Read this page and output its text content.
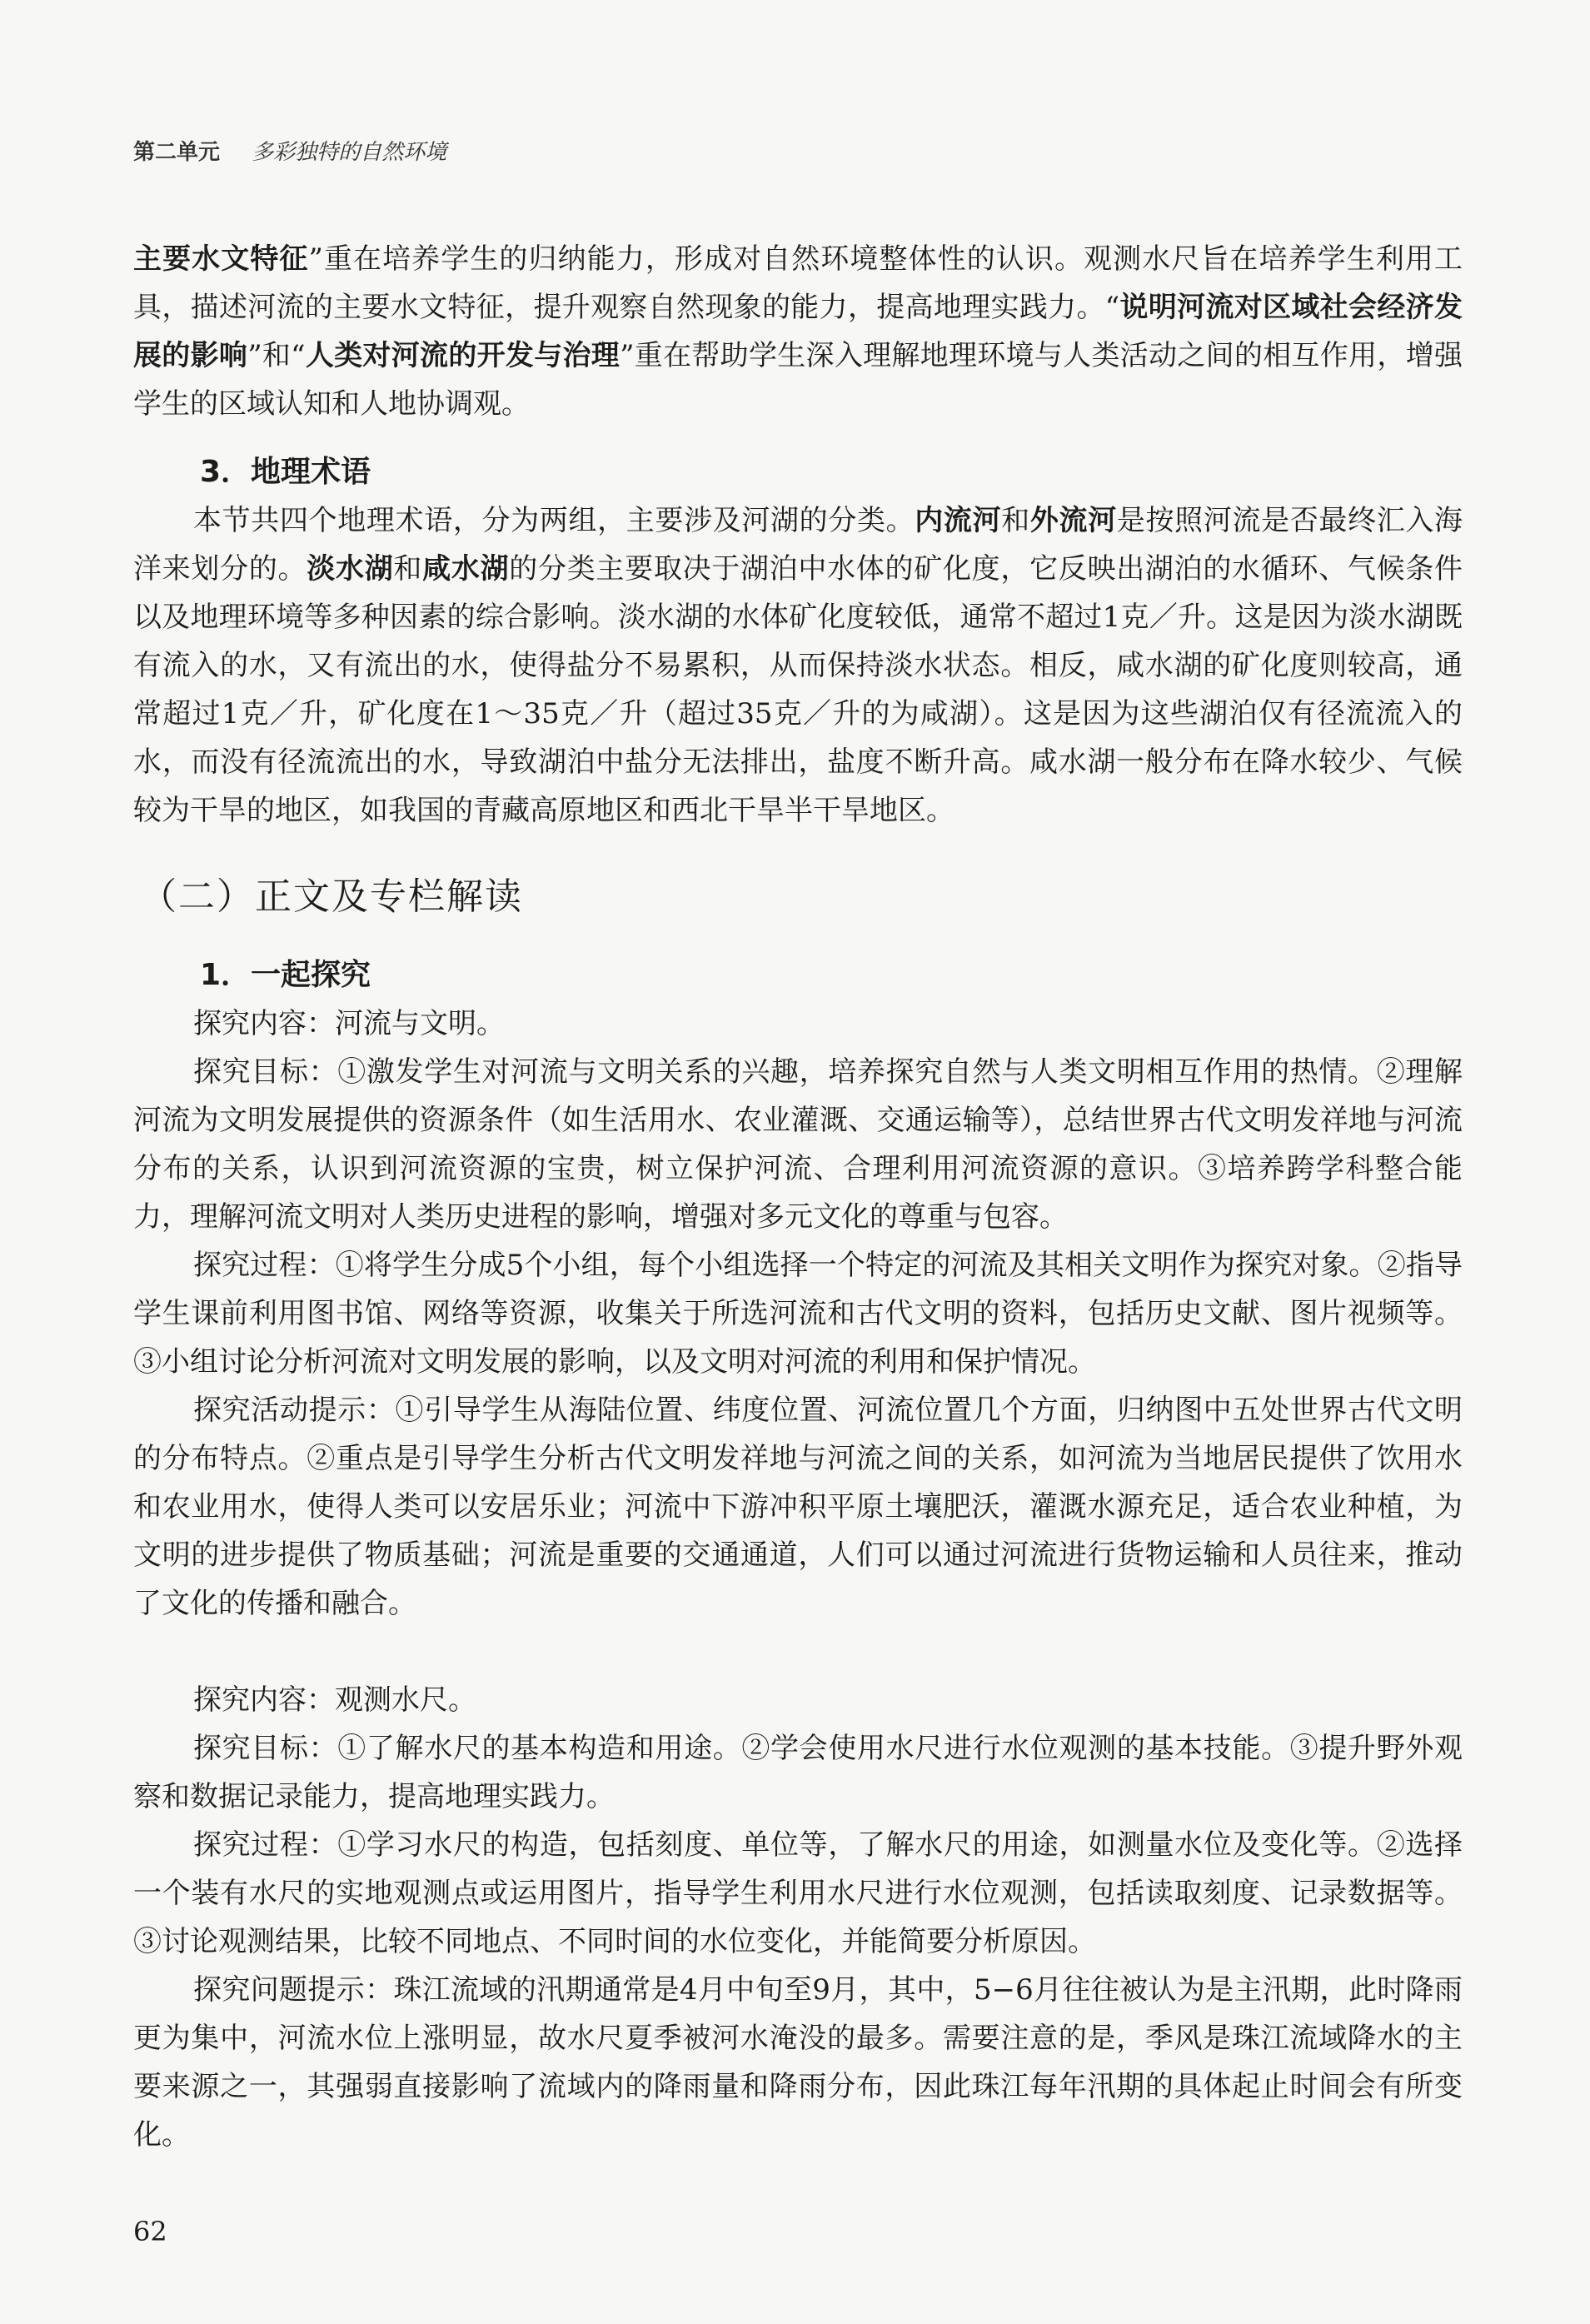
第二单元 多彩独特的自然环境

主要水文特征”重在培养学生的归纳能力，形成对自然环境整体性的认识。观测水尺旨在培养学生利用工具，描述河流的主要水文特征，提升观察自然现象的能力，提高地理实践力。“说明河流对区域社会经济发展的影响”和“人类对河流的开发与治理”重在帮助学生深入理解地理环境与人类活动之间的相互作用，增强学生的区域认知和人地协调观。

3．地理术语

本节共四个地理术语，分为两组，主要涉及河湖的分类。内流河和外流河是按照河流是否最终汇入海洋来划分的。淡水湖和咸水湖的分类主要取决于湖泊中水体的矿化度，它反映出湖泊的水循环、气候条件以及地理环境等多种因素的综合影响。淡水湖的水体矿化度较低，通常不超过1克／升。这是因为淡水湖既有流入的水，又有流出的水，使得盐分不易累积，从而保持淡水状态。相反，咸水湖的矿化度则较高，通常超过1克／升，矿化度在1～35克／升（超过35克／升的为咸湖）。这是因为这些湖泊仅有径流流入的水，而没有径流流出的水，导致湖泊中盐分无法排出，盐度不断升高。咸水湖一般分布在降水较少、气候较为干旱的地区，如我国的青藏高原地区和西北干旱半干旱地区。

（二）正文及专栏解读

1．一起探究

探究内容：河流与文明。

探究目标：①激发学生对河流与文明关系的兴趣，培养探究自然与人类文明相互作用的热情。②理解河流为文明发展提供的资源条件（如生活用水、农业灌溉、交通运输等），总结世界古代文明发祥地与河流分布的关系，认识到河流资源的宝贵，树立保护河流、合理利用河流资源的意识。③培养跨学科整合能力，理解河流文明对人类历史进程的影响，增强对多元文化的尊重与包容。

探究过程：①将学生分成5个小组，每个小组选择一个特定的河流及其相关文明作为探究对象。②指导学生课前利用图书馆、网络等资源，收集关于所选河流和古代文明的资料，包括历史文献、图片视频等。③小组讨论分析河流对文明发展的影响，以及文明对河流的利用和保护情况。

探究活动提示：①引导学生从海陆位置、纬度位置、河流位置几个方面，归纳图中五处世界古代文明的分布特点。②重点是引导学生分析古代文明发祥地与河流之间的关系，如河流为当地居民提供了饮用水和农业用水，使得人类可以安居乐业；河流中下游冲积平原土壤肥沃，灌溉水源充足，适合农业种植，为文明的进步提供了物质基础；河流是重要的交通通道，人们可以通过河流进行货物运输和人员往来，推动了文化的传播和融合。

探究内容：观测水尺。

探究目标：①了解水尺的基本构造和用途。②学会使用水尺进行水位观测的基本技能。③提升野外观察和数据记录能力，提高地理实践力。

探究过程：①学习水尺的构造，包括刻度、单位等，了解水尺的用途，如测量水位及变化等。②选择一个装有水尺的实地观测点或运用图片，指导学生利用水尺进行水位观测，包括读取刻度、记录数据等。③讨论观测结果，比较不同地点、不同时间的水位变化，并能简要分析原因。

探究问题提示：珠江流域的汛期通常是4月中旬至9月，其中，5−6月往往被认为是主汛期，此时降雨更为集中，河流水位上涨明显，故水尺夏季被河水淹没的最多。需要注意的是，季风是珠江流域降水的主要来源之一，其强弱直接影响了流域内的降雨量和降雨分布，因此珠江每年汛期的具体起止时间会有所变化。

62
